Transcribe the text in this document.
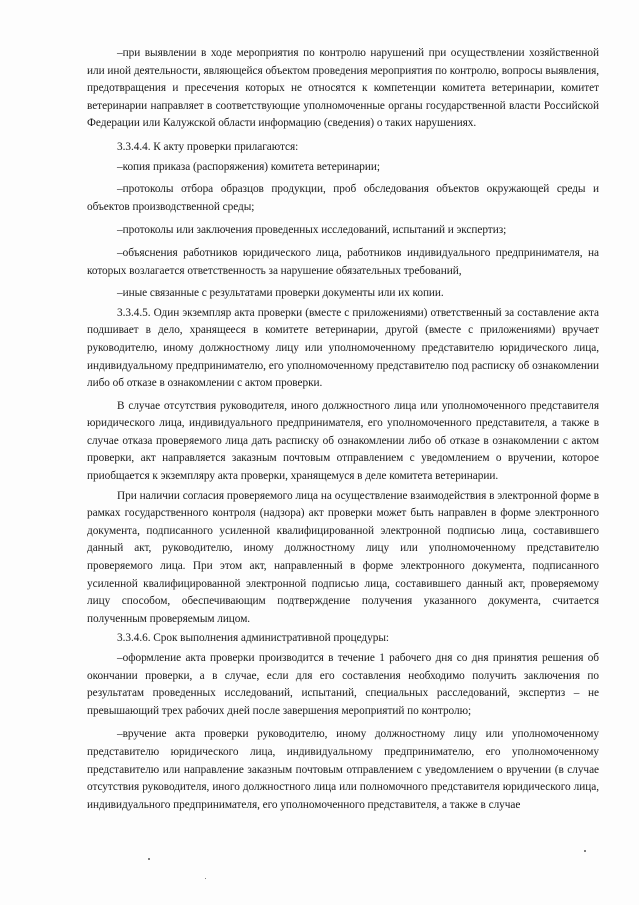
–при выявлении в ходе мероприятия по контролю нарушений при осуществлении хозяйственной или иной деятельности, являющейся объектом проведения мероприятия по контролю, вопросы выявления, предотвращения и пресечения которых не относятся к компетенции комитета ветеринарии, комитет ветеринарии направляет в соответствующие уполномоченные органы государственной власти Российской Федерации или Калужской области информацию (сведения) о таких нарушениях.

3.3.4.4. К акту проверки прилагаются:

–копия приказа (распоряжения) комитета ветеринарии;

–протоколы отбора образцов продукции, проб обследования объектов окружающей среды и объектов производственной среды;

–протоколы или заключения проведенных исследований, испытаний и экспертиз;

–объяснения работников юридического лица, работников индивидуального предпринимателя, на которых возлагается ответственность за нарушение обязательных требований,

–иные связанные с результатами проверки документы или их копии.

3.3.4.5. Один экземпляр акта проверки (вместе с приложениями) ответственный за составление акта подшивает в дело, хранящееся в комитете ветеринарии, другой (вместе с приложениями) вручает руководителю, иному должностному лицу или уполномоченному представителю юридического лица, индивидуальному предпринимателю, его уполномоченному представителю под расписку об ознакомлении либо об отказе в ознакомлении с актом проверки.

В случае отсутствия руководителя, иного должностного лица или уполномоченного представителя юридического лица, индивидуального предпринимателя, его уполномоченного представителя, а также в случае отказа проверяемого лица дать расписку об ознакомлении либо об отказе в ознакомлении с актом проверки, акт направляется заказным почтовым отправлением с уведомлением о вручении, которое приобщается к экземпляру акта проверки, хранящемуся в деле комитета ветеринарии.

При наличии согласия проверяемого лица на осуществление взаимодействия в электронной форме в рамках государственного контроля (надзора) акт проверки может быть направлен в форме электронного документа, подписанного усиленной квалифицированной электронной подписью лица, составившего данный акт, руководителю, иному должностному лицу или уполномоченному представителю проверяемого лица. При этом акт, направленный в форме электронного документа, подписанного усиленной квалифицированной электронной подписью лица, составившего данный акт, проверяемому лицу способом, обеспечивающим подтверждение получения указанного документа, считается полученным проверяемым лицом.

3.3.4.6. Срок выполнения административной процедуры:

–оформление акта проверки производится в течение 1 рабочего дня со дня принятия решения об окончании проверки, а в случае, если для его составления необходимо получить заключения по результатам проведенных исследований, испытаний, специальных расследований, экспертиз – не превышающий трех рабочих дней после завершения мероприятий по контролю;

–вручение акта проверки руководителю, иному должностному лицу или уполномоченному представителю юридического лица, индивидуальному предпринимателю, его уполномоченному представителю или направление заказным почтовым отправлением с уведомлением о вручении (в случае отсутствия руководителя, иного должностного лица или полномочного представителя юридического лица, индивидуального предпринимателя, его уполномоченного представителя, а также в случае
